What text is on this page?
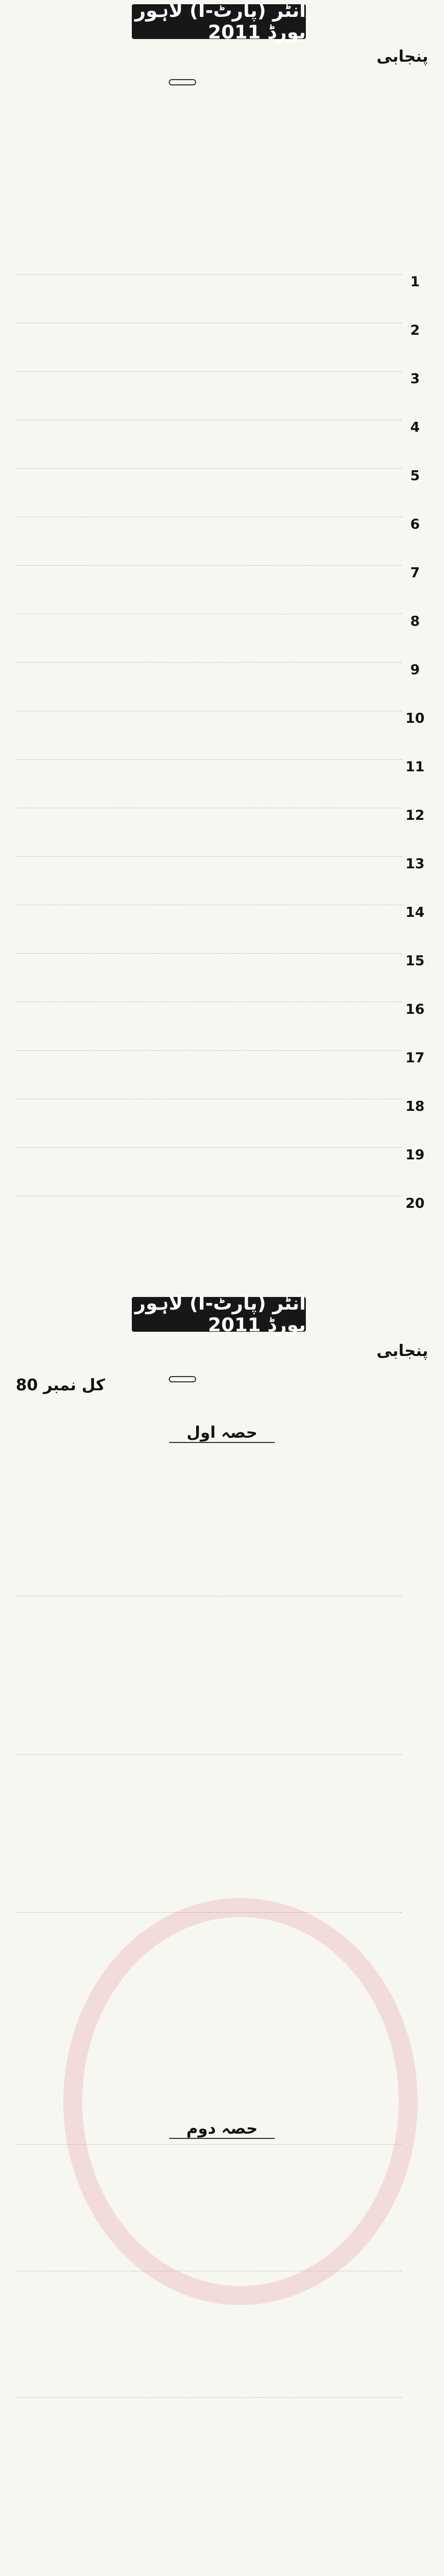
انٹر (پارٹ-I) لاہور بورڈ 2011
پنجابی
1
2
3
4
5
6
7
8
9
10
11
12
13
14
15
16
17
18
19
20
انٹر (پارٹ-I) لاہور بورڈ 2011
پنجابی
کل نمبر 80
حصہ اول
حصہ دوم
